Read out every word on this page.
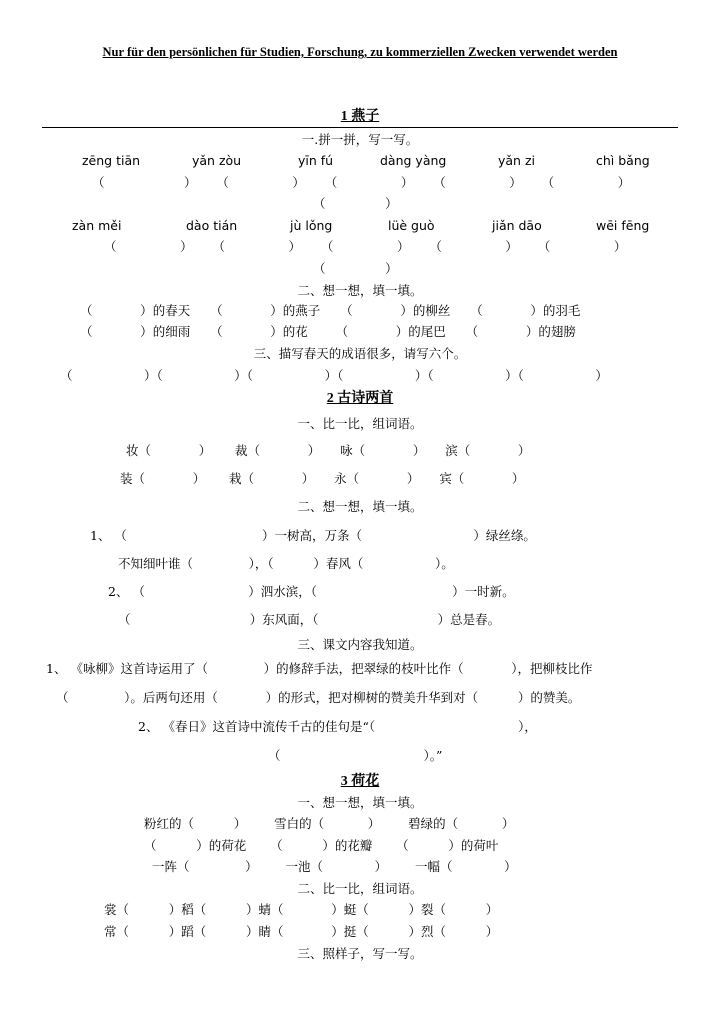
Nur für den persönlichen für Studien, Forschung, zu kommerziellen Zwecken verwendet werden
1 燕子
一.拼一拼，写一写。
zēng tiān	yǎn zòu	yīn fú	dàng yàng	yǎn zi	chì bǎng
（                    ）     （                ）     （                ）     （                ）     （                ）
（               ）
zàn měi	dào tián	jù lǒng	lüè guò	jiǎn dāo	wēi fēng
（                ）     （                ）     （                ）     （                ）     （                ）
（               ）
二、想一想，填一填。
（            ）的春天     （            ）的燕子     （            ）的柳丝     （            ）的羽毛
（            ）的细雨     （            ）的花       （            ）的尾巴     （            ）的翅膀
三、描写春天的成语很多，请写六个。
（                  ）（                  ）（                  ）（                  ）（                  ）（                  ）
2 古诗两首
一、比一比，组词语。
妆（            ）      裁（            ）     咏（            ）     滨（            ）
装（            ）      栽（            ）     永（            ）     宾（            ）
二、想一想，填一填。
1、 （                                  ）一树高，万条（	）绿丝绦。
不知细叶谁（	），（	）春风（	）。
2、 （                          ）泗水滨，（	）一时新。
（                              ）东风面，（	）总是春。
三、课文内容我知道。
1、 《咏柳》这首诗运用了（	）的修辞手法，把翠绿的枝叶比作（	），把柳枝比作
（              ）。后两句还用（	）的形式，把对柳树的赞美升华到对（	）的赞美。
2、 《春日》这首诗中流传千古的佳句是“（	），
（                                    ）。”
3 荷花
一、想一想，填一填。
粉红的（          ）       雪白的（           ）       碧绿的（           ）
（          ）的荷花      （          ）的花瓣      （          ）的荷叶
一阵（              ）       一池（             ）       一幅（             ）
二、比一比，组词语。
裳（          ）稻（          ）蜻（            ）蜓（          ）裂（          ）
常（          ）蹈（          ）睛（            ）挺（          ）烈（          ）
三、照样子，写一写。
